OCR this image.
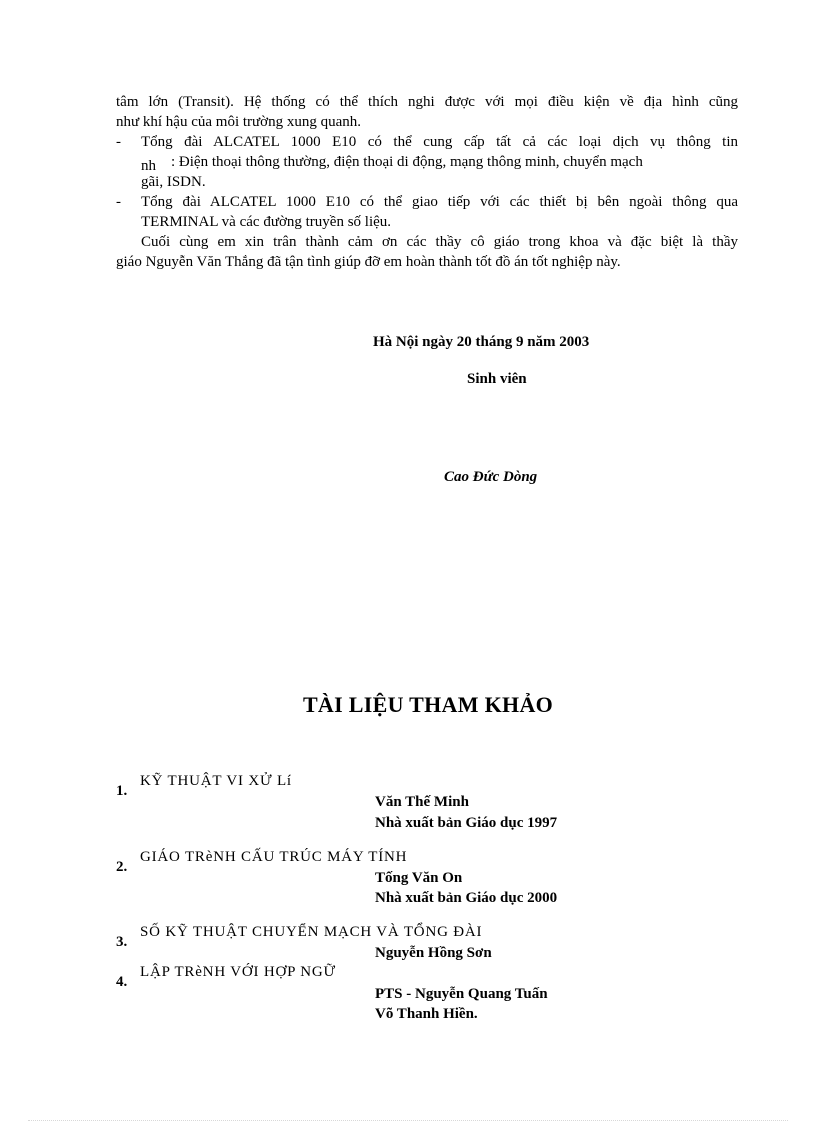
tâm lớn (Transit). Hệ thống có thể thích nghi được với mọi điều kiện về địa hình cũng
như khí hậu của môi trường xung quanh.
- Tổng đài ALCATEL 1000 E10 có thể cung cấp tất cả các loại dịch vụ thông tin
nh : Điện thoại thông thường, điện thoại di động, mạng thông minh, chuyển mạch
gãi, ISDN.
- Tổng đài ALCATEL 1000 E10 có thể giao tiếp với các thiết bị bên ngoài thông qua
TERMINAL và các đường truyền số liệu.
Cuối cùng em xin trân thành cảm ơn các thầy cô giáo trong khoa và đặc biệt là thầy
giáo Nguyễn Văn Thắng đã tận tình giúp đỡ em hoàn thành tốt đồ án tốt nghiệp này.
Hà Nội ngày 20 tháng 9 năm 2003
Sinh viên
Cao Đức Dòng
TÀI LIỆU THAM KHẢO
1.
KỸ THUẬT VI XỬ Lí
Văn Thế Minh
Nhà xuất bản Giáo dục 1997
2.
GIÁO TRèNH CẤU TRÚC MÁY TÍNH
Tống Văn On
Nhà xuất bản Giáo dục 2000
3.
SỐ KỸ THUẬT CHUYỂN MẠCH VÀ TỔNG ĐÀI
Nguyễn Hồng Sơn
4.
LẬP TRèNH VỚI HỢP NGỮ
PTS - Nguyễn Quang Tuấn
Võ Thanh Hiền.
